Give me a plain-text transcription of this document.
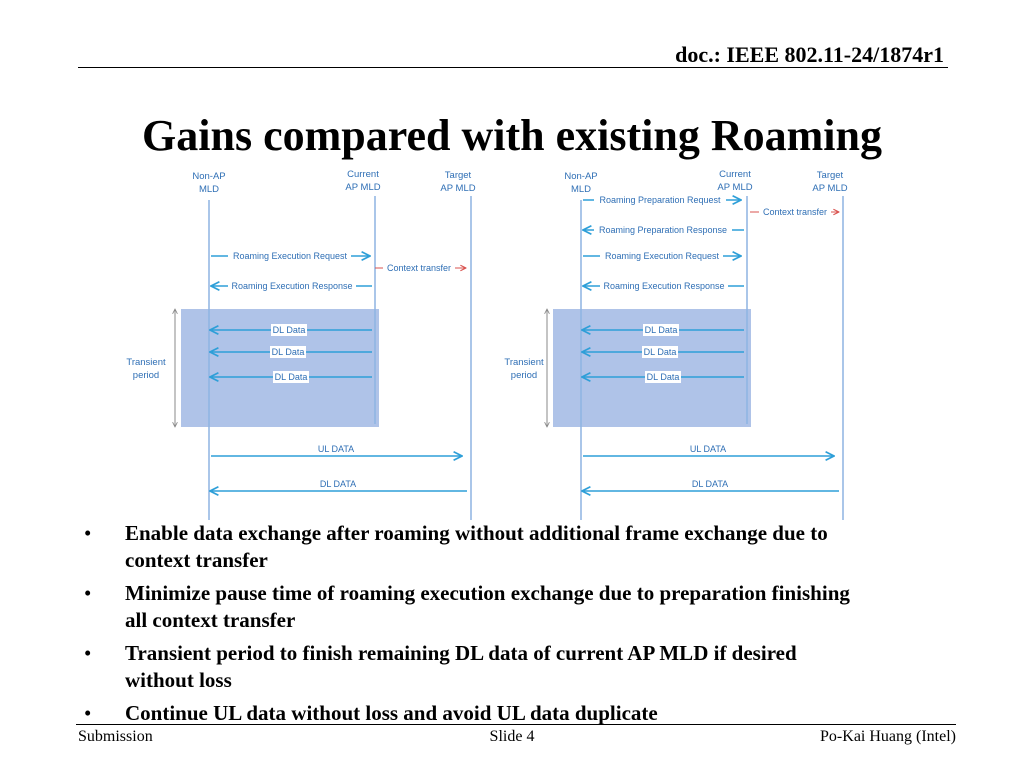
doc.: IEEE 802.11-24/1874r1
Gains compared with existing Roaming
Non-AP
MLD
Current
AP MLD
Target
AP MLD
Transient
period
Roaming Execution Request
Context transfer
Roaming Execution Response
DL Data
DL Data
DL Data
UL DATA
DL DATA
Non-AP
MLD
Current
AP MLD
Target
AP MLD
Transient
period
Roaming Preparation Request
Context transfer
Roaming Preparation Response
Roaming Execution Request
Roaming Execution Response
DL Data
DL Data
DL Data
UL DATA
DL DATA
• Enable data exchange after roaming without additional frame exchange due to
context transfer
• Minimize pause time of roaming execution exchange due to preparation finishing
all context transfer
• Transient period to finish remaining DL data of current AP MLD if desired
without loss
• Continue UL data without loss and avoid UL data duplicate
Submission	Slide 4	Po-Kai Huang (Intel)
